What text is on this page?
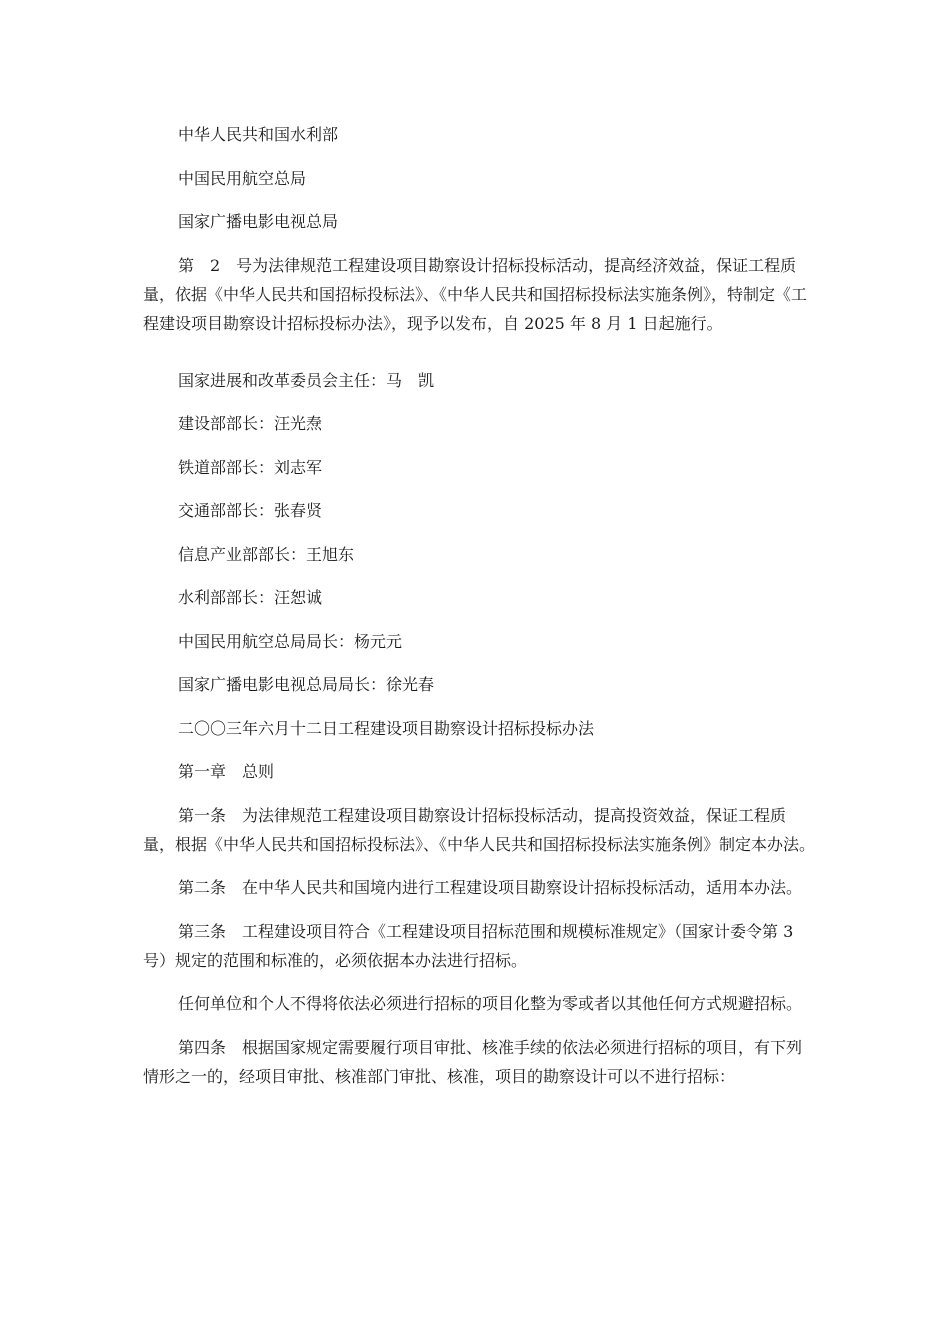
中华人民共和国水利部

中国民用航空总局

国家广播电影电视总局

第　2　号为法律规范工程建设项目勘察设计招标投标活动，提高经济效益，保证工程质量，依据《中华人民共和国招标投标法》、《中华人民共和国招标投标法实施条例》，特制定《工程建设项目勘察设计招标投标办法》，现予以发布，自 2025 年 8 月 1 日起施行。

国家进展和改革委员会主任：马　凯

建设部部长：汪光焘

铁道部部长：刘志军

交通部部长：张春贤

信息产业部部长：王旭东

水利部部长：汪恕诚

中国民用航空总局局长：杨元元

国家广播电影电视总局局长：徐光春

二〇〇三年六月十二日工程建设项目勘察设计招标投标办法

第一章　总则

第一条　为法律规范工程建设项目勘察设计招标投标活动，提高投资效益，保证工程质量，根据《中华人民共和国招标投标法》、《中华人民共和国招标投标法实施条例》制定本办法。

第二条　在中华人民共和国境内进行工程建设项目勘察设计招标投标活动，适用本办法。

第三条　工程建设项目符合《工程建设项目招标范围和规模标准规定》（国家计委令第 3 号）规定的范围和标准的，必须依据本办法进行招标。

任何单位和个人不得将依法必须进行招标的项目化整为零或者以其他任何方式规避招标。

第四条　根据国家规定需要履行项目审批、核准手续的依法必须进行招标的项目，有下列情形之一的，经项目审批、核准部门审批、核准，项目的勘察设计可以不进行招标：
